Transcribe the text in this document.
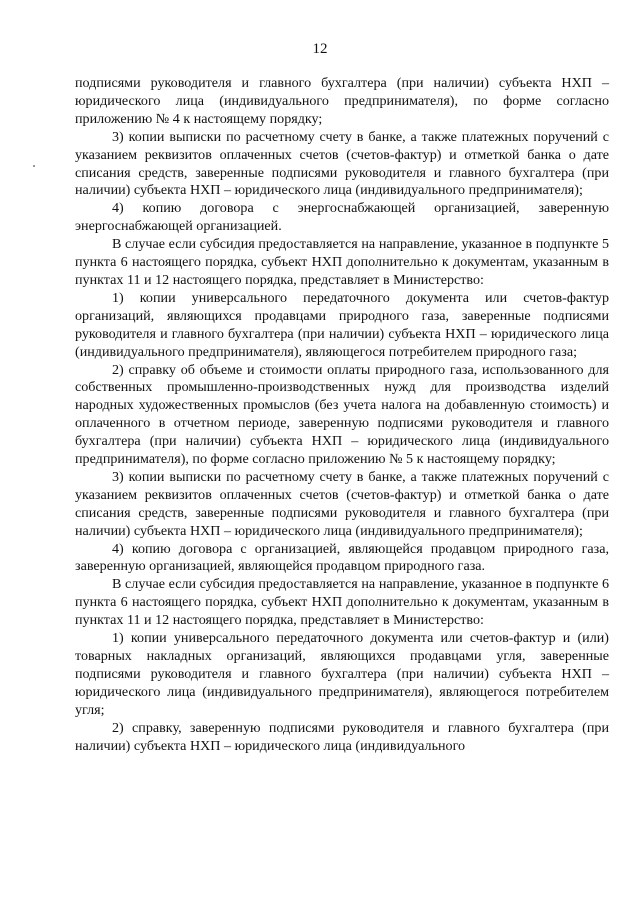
12

подписями руководителя и главного бухгалтера (при наличии) субъекта НХП – юридического лица (индивидуального предпринимателя), по форме согласно приложению № 4 к настоящему порядку;

3) копии выписки по расчетному счету в банке, а также платежных поручений с указанием реквизитов оплаченных счетов (счетов-фактур) и отметкой банка о дате списания средств, заверенные подписями руководителя и главного бухгалтера (при наличии) субъекта НХП – юридического лица (индивидуального предпринимателя);

4) копию договора с энергоснабжающей организацией, заверенную энергоснабжающей организацией.

В случае если субсидия предоставляется на направление, указанное в подпункте 5 пункта 6 настоящего порядка, субъект НХП дополнительно к документам, указанным в пунктах 11 и 12 настоящего порядка, представляет в Министерство:

1) копии универсального передаточного документа или счетов-фактур организаций, являющихся продавцами природного газа, заверенные подписями руководителя и главного бухгалтера (при наличии) субъекта НХП – юридического лица (индивидуального предпринимателя), являющегося потребителем природного газа;

2) справку об объеме и стоимости оплаты природного газа, использованного для собственных промышленно-производственных нужд для производства изделий народных художественных промыслов (без учета налога на добавленную стоимость) и оплаченного в отчетном периоде, заверенную подписями руководителя и главного бухгалтера (при наличии) субъекта НХП – юридического лица (индивидуального предпринимателя), по форме согласно приложению № 5 к настоящему порядку;

3) копии выписки по расчетному счету в банке, а также платежных поручений с указанием реквизитов оплаченных счетов (счетов-фактур) и отметкой банка о дате списания средств, заверенные подписями руководителя и главного бухгалтера (при наличии) субъекта НХП – юридического лица (индивидуального предпринимателя);

4) копию договора с организацией, являющейся продавцом природного газа, заверенную организацией, являющейся продавцом природного газа.

В случае если субсидия предоставляется на направление, указанное в подпункте 6 пункта 6 настоящего порядка, субъект НХП дополнительно к документам, указанным в пунктах 11 и 12 настоящего порядка, представляет в Министерство:

1) копии универсального передаточного документа или счетов-фактур и (или) товарных накладных организаций, являющихся продавцами угля, заверенные подписями руководителя и главного бухгалтера (при наличии) субъекта НХП – юридического лица (индивидуального предпринимателя), являющегося потребителем угля;

2) справку, заверенную подписями руководителя и главного бухгалтера (при наличии) субъекта НХП – юридического лица (индивидуального
